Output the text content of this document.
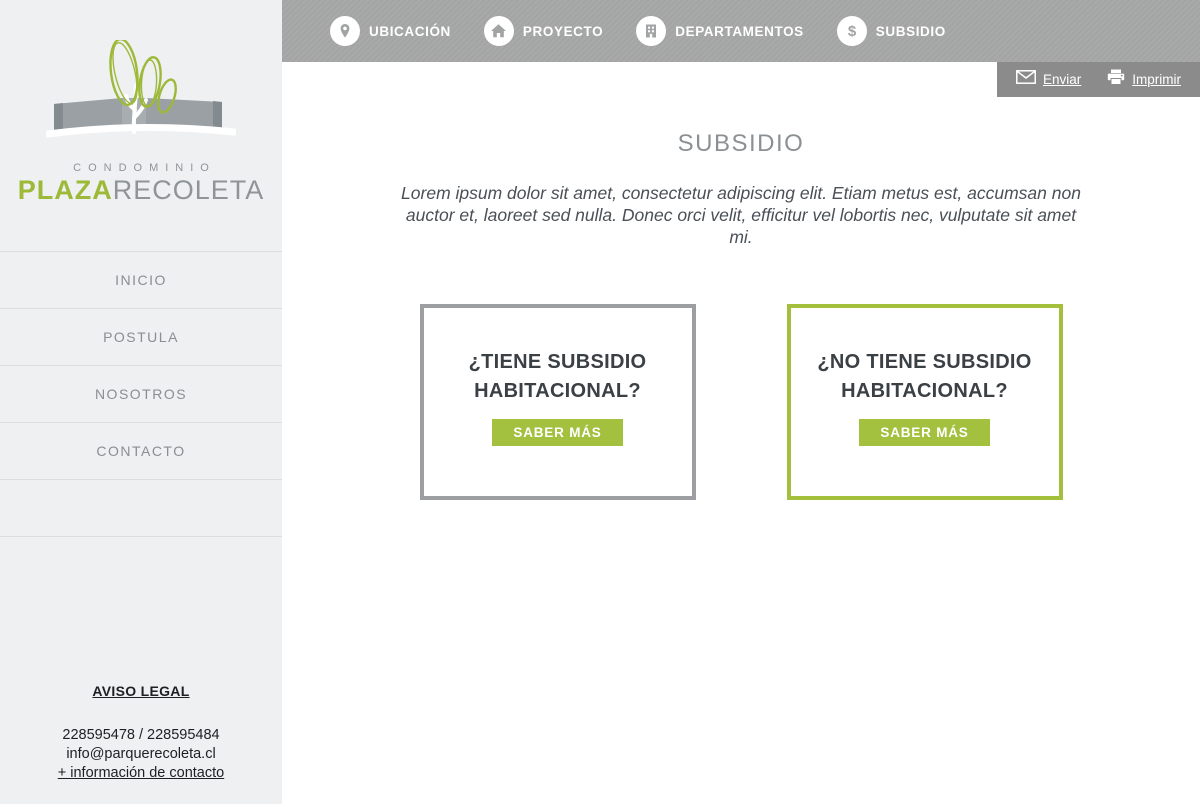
CONDOMINIO
PLAZARECOLETA
INICIO
POSTULA
NOSOTROS
CONTACTO
AVISO LEGAL
228595478 / 228595484
info@parquerecoleta.cl
+ información de contacto
UBICACIÓN	PROYECTO	DEPARTAMENTOS	$ SUBSIDIO
Enviar	Imprimir
SUBSIDIO

Lorem ipsum dolor sit amet, consectetur adipiscing elit. Etiam metus est, accumsan non auctor et, laoreet sed nulla. Donec orci velit, efficitur vel lobortis nec, vulputate sit amet mi.

¿TIENE SUBSIDIO HABITACIONAL?
SABER MÁS
¿NO TIENE SUBSIDIO HABITACIONAL?
SABER MÁS
